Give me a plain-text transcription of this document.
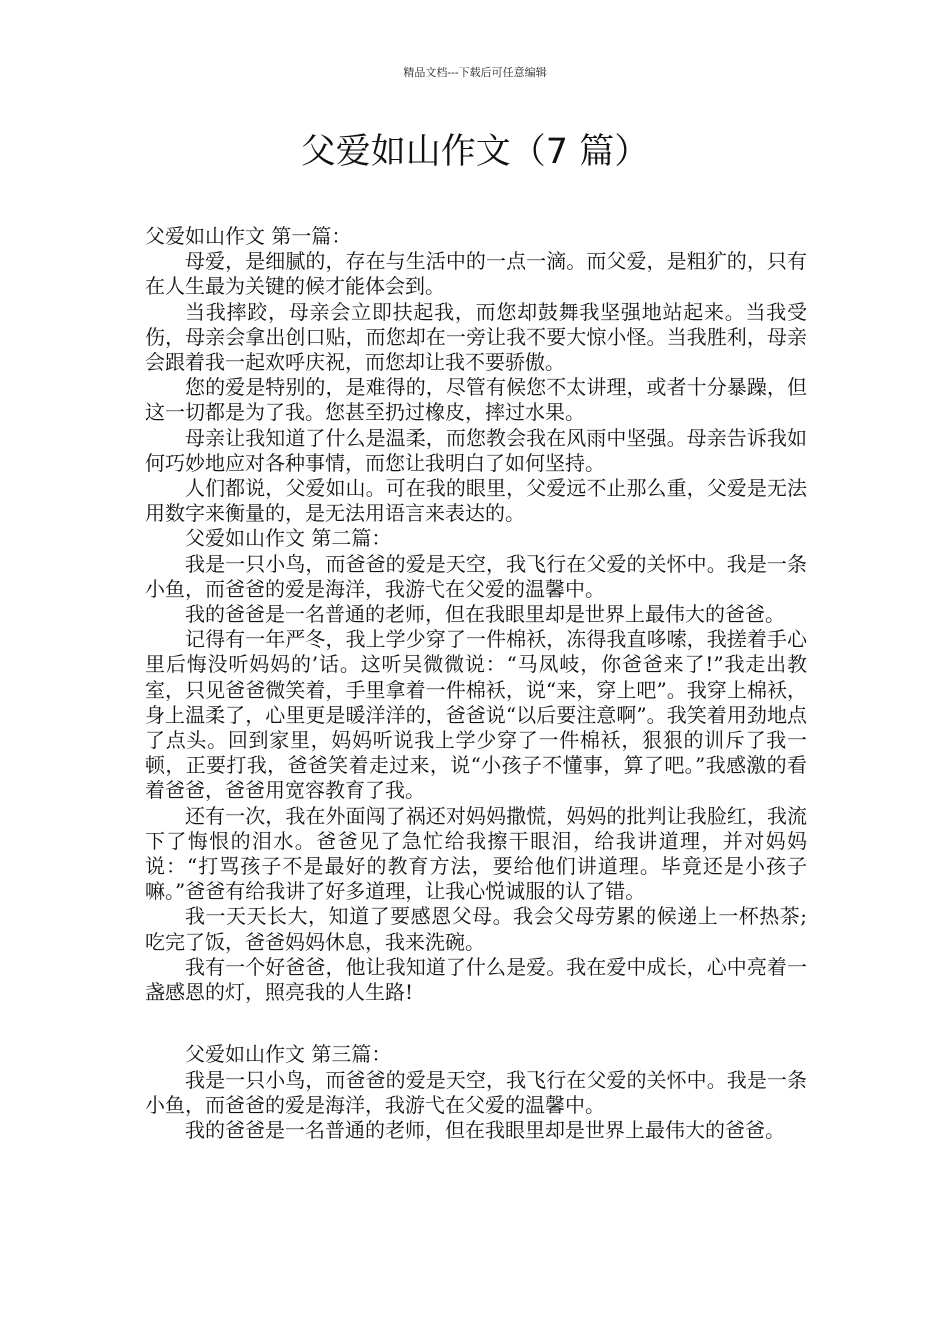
精品文档---下载后可任意编辑
父爱如山作文（7 篇）

父爱如山作文 第一篇：

母爱，是细腻的，存在与生活中的一点一滴。而父爱，是粗犷的，只有在人生最为关键的候才能体会到。

当我摔跤，母亲会立即扶起我，而您却鼓舞我坚强地站起来。当我受伤，母亲会拿出创口贴，而您却在一旁让我不要大惊小怪。当我胜利，母亲会跟着我一起欢呼庆祝，而您却让我不要骄傲。

您的爱是特别的，是难得的，尽管有候您不太讲理，或者十分暴躁，但这一切都是为了我。您甚至扔过橡皮，摔过水果。

母亲让我知道了什么是温柔，而您教会我在风雨中坚强。母亲告诉我如何巧妙地应对各种事情，而您让我明白了如何坚持。

人们都说，父爱如山。可在我的眼里，父爱远不止那么重，父爱是无法用数字来衡量的，是无法用语言来表达的。

父爱如山作文 第二篇：

我是一只小鸟，而爸爸的爱是天空，我飞行在父爱的关怀中。我是一条小鱼，而爸爸的爱是海洋，我游弋在父爱的温馨中。

我的爸爸是一名普通的老师，但在我眼里却是世界上最伟大的爸爸。

记得有一年严冬，我上学少穿了一件棉袄，冻得我直哆嗦，我搓着手心里后悔没听妈妈的’话。这听吴微微说：“马凤岐，你爸爸来了!”我走出教室，只见爸爸微笑着，手里拿着一件棉袄，说“来，穿上吧”。我穿上棉袄，身上温柔了，心里更是暖洋洋的，爸爸说“以后要注意啊”。我笑着用劲地点了点头。回到家里，妈妈听说我上学少穿了一件棉袄，狠狠的训斥了我一顿，正要打我，爸爸笑着走过来，说“小孩子不懂事，算了吧。”我感激的看着爸爸，爸爸用宽容教育了我。

还有一次，我在外面闯了祸还对妈妈撒慌，妈妈的批判让我脸红，我流下了悔恨的泪水。爸爸见了急忙给我擦干眼泪，给我讲道理，并对妈妈说：“打骂孩子不是最好的教育方法，要给他们讲道理。毕竟还是小孩子嘛。”爸爸有给我讲了好多道理，让我心悦诚服的认了错。

我一天天长大，知道了要感恩父母。我会父母劳累的候递上一杯热茶;吃完了饭，爸爸妈妈休息，我来洗碗。

我有一个好爸爸，他让我知道了什么是爱。我在爱中成长，心中亮着一盏感恩的灯，照亮我的人生路!

父爱如山作文 第三篇：

我是一只小鸟，而爸爸的爱是天空，我飞行在父爱的关怀中。我是一条小鱼，而爸爸的爱是海洋，我游弋在父爱的温馨中。

我的爸爸是一名普通的老师，但在我眼里却是世界上最伟大的爸爸。
